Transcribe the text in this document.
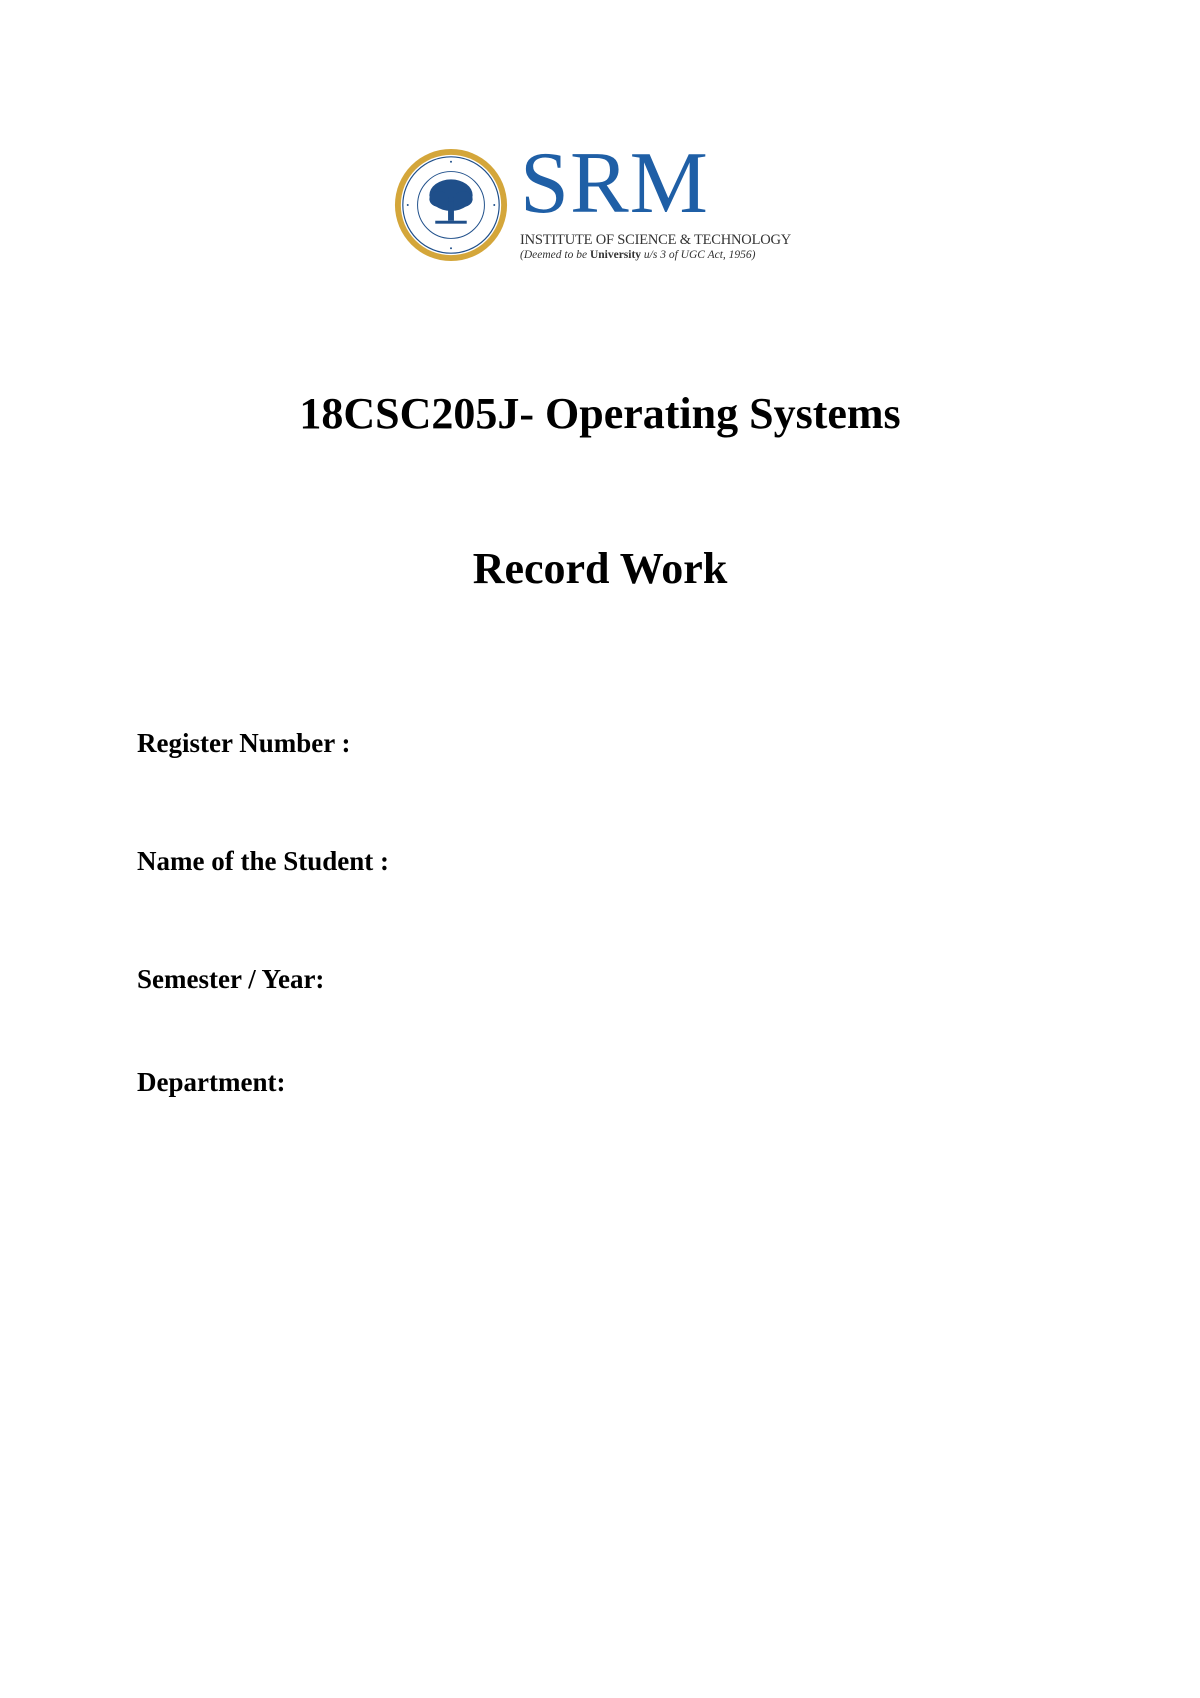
SRM
INSTITUTE OF SCIENCE & TECHNOLOGY
(Deemed to be University u/s 3 of UGC Act, 1956)
18CSC205J- Operating Systems
Record Work
Register Number :
Name of the Student :
Semester / Year:
Department:
